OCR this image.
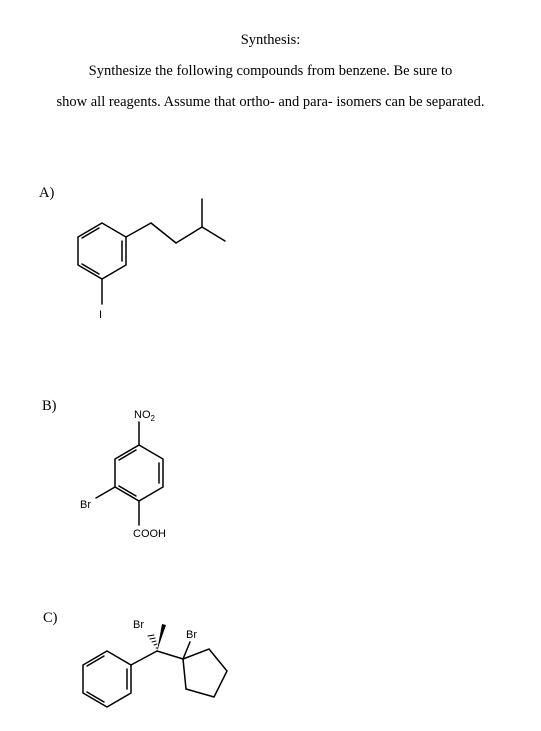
Synthesis:
Synthesize the following compounds from benzene. Be sure to
show all reagents. Assume that ortho- and para- isomers can be separated.
A)
I
B)
$NO_2$
Br
COOH
C)	Br
Br
